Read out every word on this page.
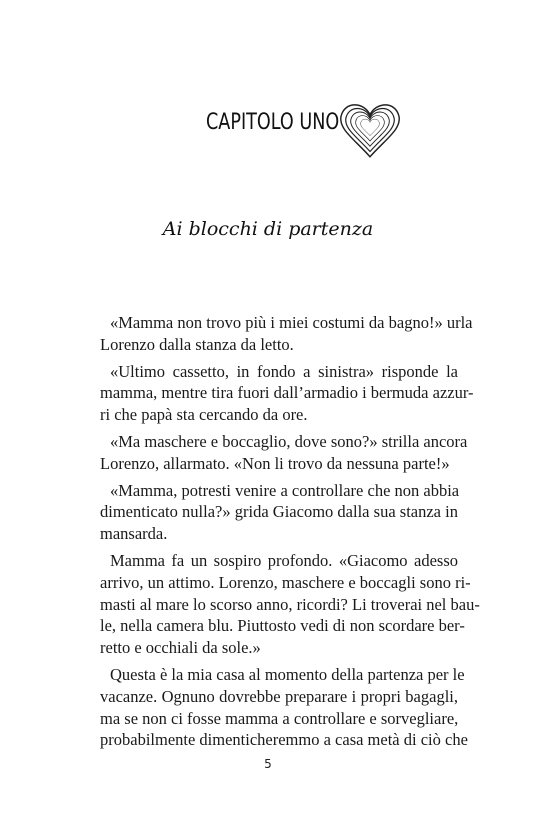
CAPITOLO UNO
Ai blocchi di partenza
«Mamma non trovo più i miei costumi da bagno!» urla
Lorenzo dalla stanza da letto.
«Ultimo cassetto, in fondo a sinistra» risponde la
mamma, mentre tira fuori dall’armadio i bermuda azzur-
ri che papà sta cercando da ore.
«Ma maschere e boccaglio, dove sono?» strilla ancora
Lorenzo, allarmato. «Non li trovo da nessuna parte!»
«Mamma, potresti venire a controllare che non abbia
dimenticato nulla?» grida Giacomo dalla sua stanza in
mansarda.
Mamma fa un sospiro profondo. «Giacomo adesso
arrivo, un attimo. Lorenzo, maschere e boccagli sono ri-
masti al mare lo scorso anno, ricordi? Li troverai nel bau-
le, nella camera blu. Piuttosto vedi di non scordare ber-
retto e occhiali da sole.»
Questa è la mia casa al momento della partenza per le
vacanze. Ognuno dovrebbe preparare i propri bagagli,
ma se non ci fosse mamma a controllare e sorvegliare,
probabilmente dimenticheremmo a casa metà di ciò che
5
